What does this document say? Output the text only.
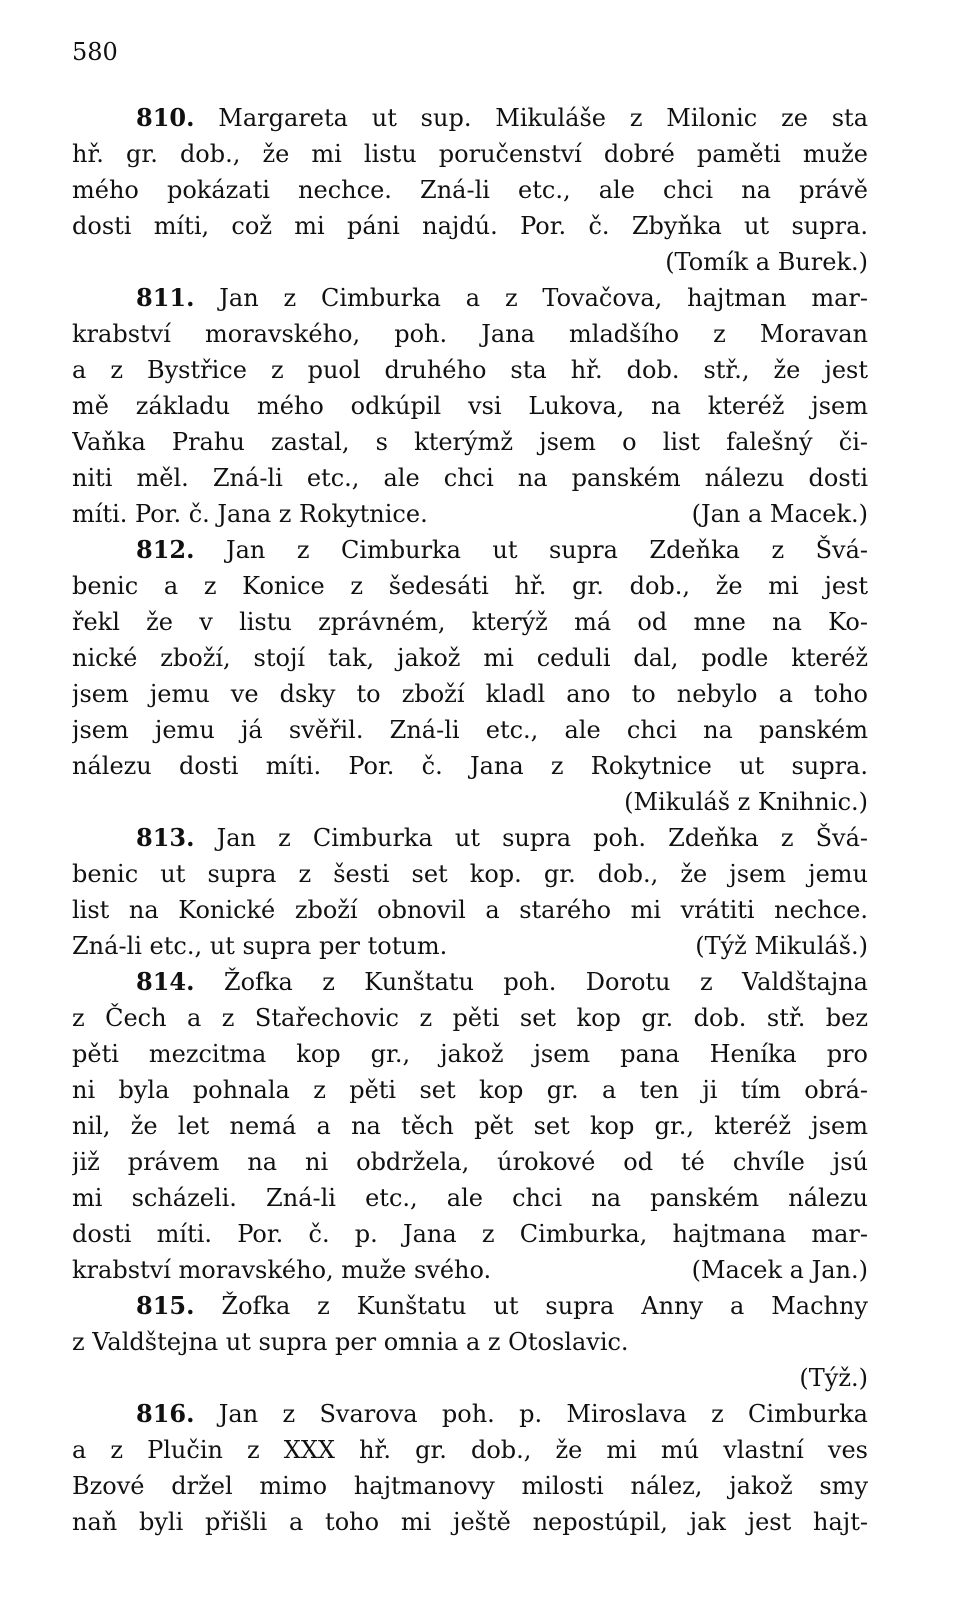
580
810. Margareta ut sup. Mikuláše z Milonic ze sta
hř. gr. dob., že mi listu poručenství dobré paměti muže
mého pokázati nechce. Zná-li etc., ale chci na právě
dosti míti, což mi páni najdú. Por. č. Zbyňka ut supra.
(Tomík a Burek.)
811. Jan z Cimburka a z Tovačova, hajtman mar-
krabství moravského, poh. Jana mladšího z Moravan
a z Bystřice z puol druhého sta hř. dob. stř., že jest
mě základu mého odkúpil vsi Lukova, na kteréž jsem
Vaňka Prahu zastal, s kterýmž jsem o list falešný či-
niti měl. Zná-li etc., ale chci na panském nálezu dosti
míti. Por. č. Jana z Rokytnice.	(Jan a Macek.)
812. Jan z Cimburka ut supra Zdeňka z Švá-
benic a z Konice z šedesáti hř. gr. dob., že mi jest
řekl že v listu zprávném, kterýž má od mne na Ko-
nické zboží, stojí tak, jakož mi ceduli dal, podle kteréž
jsem jemu ve dsky to zboží kladl ano to nebylo a toho
jsem jemu já svěřil. Zná-li etc., ale chci na panském
nálezu dosti míti. Por. č. Jana z Rokytnice ut supra.
(Mikuláš z Knihnic.)
813. Jan z Cimburka ut supra poh. Zdeňka z Švá-
benic ut supra z šesti set kop. gr. dob., že jsem jemu
list na Konické zboží obnovil a starého mi vrátiti nechce.
Zná-li etc., ut supra per totum.	(Týž Mikuláš.)
814. Žofka z Kunštatu poh. Dorotu z Valdštajna
z Čech a z Stařechovic z pěti set kop gr. dob. stř. bez
pěti mezcitma kop gr., jakož jsem pana Heníka pro
ni byla pohnala z pěti set kop gr. a ten ji tím obrá-
nil, že let nemá a na těch pět set kop gr., kteréž jsem
již právem na ni obdržela, úrokové od té chvíle jsú
mi scházeli. Zná-li etc., ale chci na panském nálezu
dosti míti. Por. č. p. Jana z Cimburka, hajtmana mar-
krabství moravského, muže svého.	(Macek a Jan.)
815. Žofka z Kunštatu ut supra Anny a Machny
z Valdštejna ut supra per omnia a z Otoslavic.
(Týž.)
816. Jan z Svarova poh. p. Miroslava z Cimburka
a z Plučin z XXX hř. gr. dob., že mi mú vlastní ves
Bzové držel mimo hajtmanovy milosti nález, jakož smy
naň byli přišli a toho mi ještě nepostúpil, jak jest hajt-
